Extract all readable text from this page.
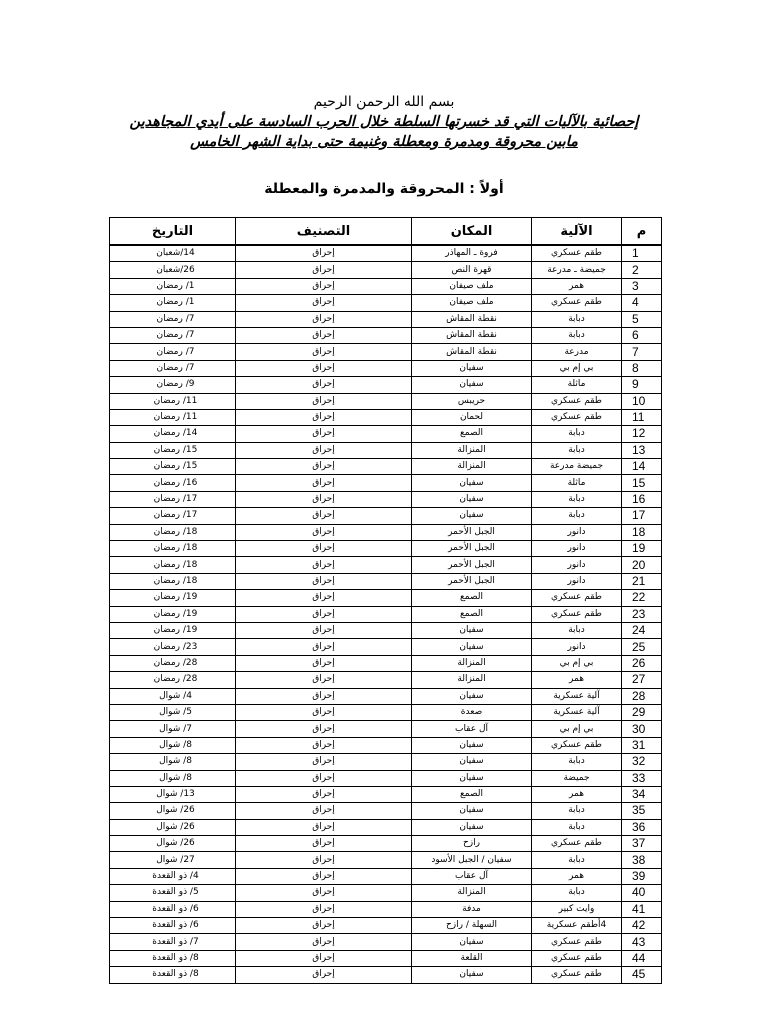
بسم الله الرحمن الرحيم
إحصائية بالآليات التي قد خسرتها السلطة خلال الحرب السادسة على أيدي المجاهدين مابين محروقة ومدمرة ومعطلة وغنيمة حتى بداية الشهر الخامس
أولاً : المحروقة والمدمرة والمعطلة
م	الآلية	المكان	التصنيف	التاريخ

1	طقم عسكري	فروة ـ المهاذر	إحراق	14/شعبان

2	جميضة ـ مدرعة	قهرة النص	إحراق	26/شعبان

3	همر	ملف صيفان	إحراق	1/ رمضان

4	طقم عسكري	ملف صيفان	إحراق	1/ رمضان

5	دبابة	نقطة المقاش	إحراق	7/ رمضان

6	دبابة	نقطة المقاش	إحراق	7/ رمضان

7	مدرعة	نقطة المقاش	إحراق	7/ رمضان

8	بي إم بي	سفيان	إحراق	7/ رمضان

9	ماثلة	سفيان	إحراق	9/ رمضان

10	طقم عسكري	حريبس	إحراق	11/ رمضان

11	طقم عسكري	لحمان	إحراق	11/ رمضان

12	دبابة	الصمع	إحراق	14/ رمضان

13	دبابة	المنزالة	إحراق	15/ رمضان

14	جميضة مدرعة	المنزالة	إحراق	15/ رمضان

15	ماثلة	سفيان	إحراق	16/ رمضان

16	دبابة	سفيان	إحراق	17/ رمضان

17	دبابة	سفيان	إحراق	17/ رمضان

18	دانور	الجبل الأحمر	إحراق	18/ رمضان

19	دانور	الجبل الأحمر	إحراق	18/ رمضان

20	دانور	الجبل الأحمر	إحراق	18/ رمضان

21	دانور	الجبل الأحمر	إحراق	18/ رمضان

22	طقم عسكري	الصمع	إحراق	19/ رمضان

23	طقم عسكري	الصمع	إحراق	19/ رمضان

24	دبابة	سفيان	إحراق	19/ رمضان

25	دانور	سفيان	إحراق	23/ رمضان

26	بي إم بي	المنزالة	إحراق	28/ رمضان

27	همر	المنزالة	إحراق	28/ رمضان

28	آلية عسكرية	سفيان	إحراق	4/ شوال

29	آلية عسكرية	صعدة	إحراق	5/ شوال

30	بي إم بي	آل عقاب	إحراق	7/ شوال

31	طقم عسكري	سفيان	إحراق	8/ شوال

32	دبابة	سفيان	إحراق	8/ شوال

33	جميضة	سفيان	إحراق	8/ شوال

34	همر	الصمع	إحراق	13/ شوال

35	دبابة	سفيان	إحراق	26/ شوال

36	دبابة	سفيان	إحراق	26/ شوال

37	طقم عسكري	رازح	إحراق	26/ شوال

38	دبابة	سفيان / الجبل الأسود	إحراق	27/ شوال

39	همر	آل عقاب	إحراق	4/ ذو القعدة

40	دبابة	المنزالة	إحراق	5/ ذو القعدة

41	وايت كبير	مدفة	إحراق	6/ ذو القعدة

42	4أطقم عسكرية	السهلة / رازح	إحراق	6/ ذو القعدة

43	طقم عسكري	سفيان	إحراق	7/ ذو القعدة

44	طقم عسكري	القلعة	إحراق	8/ ذو القعدة

45	طقم عسكري	سفيان	إحراق	8/ ذو القعدة
